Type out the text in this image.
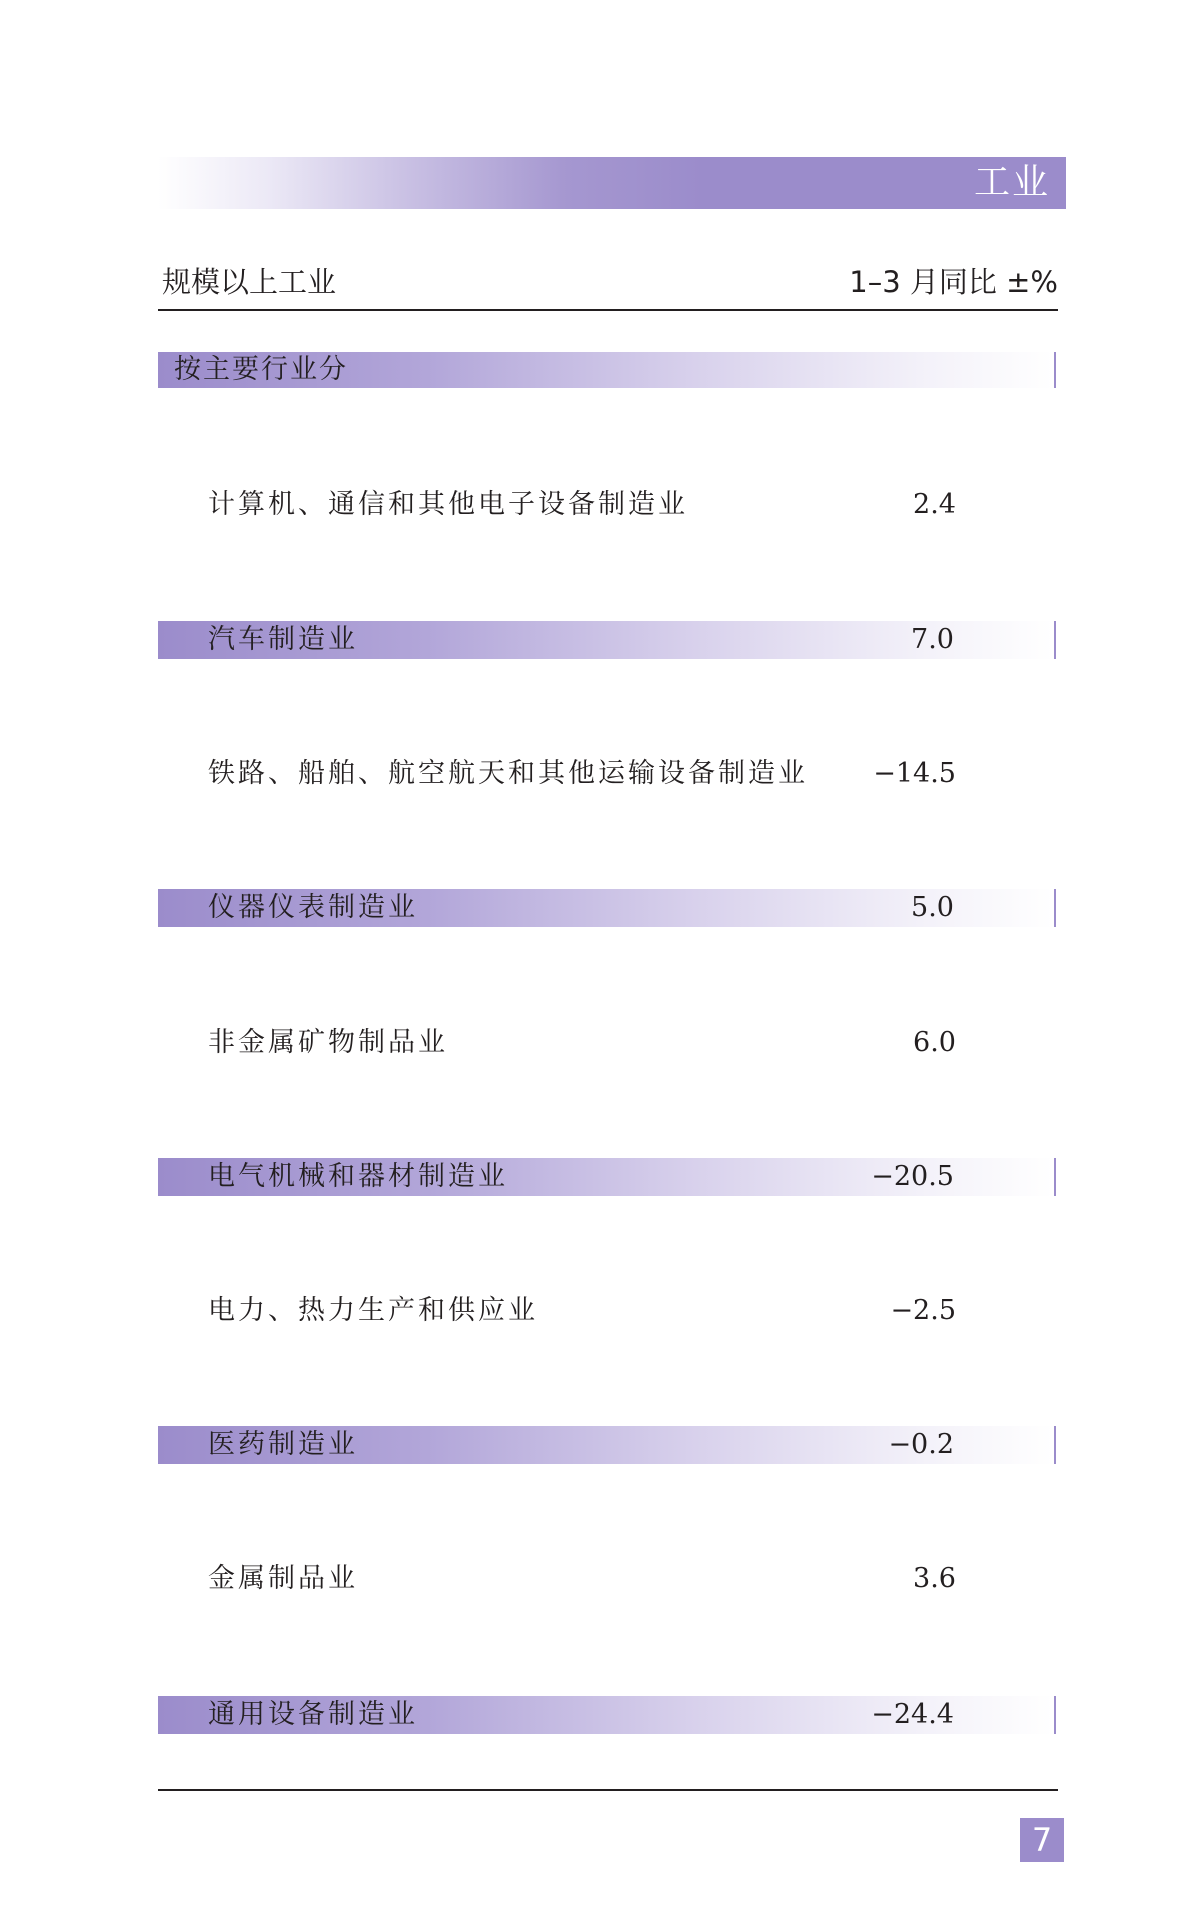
工业
规模以上工业	1–3 月同比 ±%
按主要行业分
计算机、通信和其他电子设备制造业	2.4
汽车制造业	7.0
铁路、船舶、航空航天和其他运输设备制造业 −14.5
仪器仪表制造业	5.0
非金属矿物制品业	6.0
电气机械和器材制造业	−20.5
电力、热力生产和供应业	−2.5
医药制造业	−0.2
金属制品业	3.6
通用设备制造业	−24.4
7
